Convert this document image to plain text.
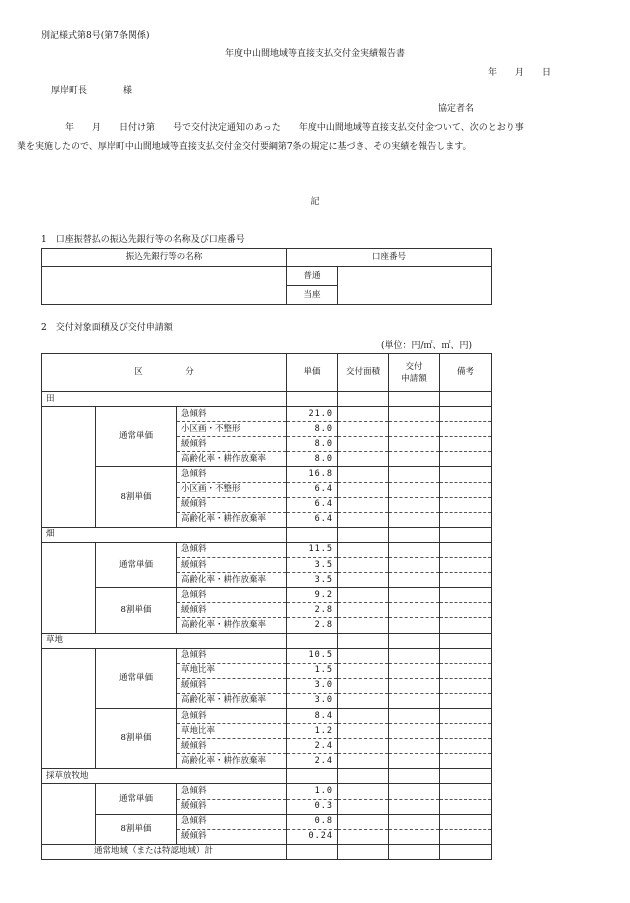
別記様式第8号(第7条関係)
年度中山間地域等直接支払交付金実績報告書
年　　月　　日
厚岸町長　　　　様
協定者名
年　　月　　日付け第　　号で交付決定通知のあった　　年度中山間地域等直接支払交付金ついて、次のとおり事
業を実施したので、厚岸町中山間地域等直接支払交付金交付要綱第7条の規定に基づき、その実績を報告します。
記
1　口座振替払の振込先銀行等の名称及び口座番号
振込先銀行等の名称	口座番号	
	普通	
	当座	
2　交付対象面積及び交付申請額
(単位：円/㎡、㎡、円)
区　　　　　分			単価	交付面積	交付
申請額	備考
田						
	通常単価	急傾斜	21.0			
		小区画・不整形	8.0			
		緩傾斜	8.0			
		高齢化率・耕作放棄率	8.0			
	8割単価	急傾斜	16.8			
		小区画・不整形	6.4			
		緩傾斜	6.4			
		高齢化率・耕作放棄率	6.4			
畑						
	通常単価	急傾斜	11.5			
		緩傾斜	3.5			
		高齢化率・耕作放棄率	3.5			
	8割単価	急傾斜	9.2			
		緩傾斜	2.8			
		高齢化率・耕作放棄率	2.8			
草地						
	通常単価	急傾斜	10.5			
		草地比率	1.5			
		緩傾斜	3.0			
		高齢化率・耕作放棄率	3.0			
	8割単価	急傾斜	8.4			
		草地比率	1.2			
		緩傾斜	2.4			
		高齢化率・耕作放棄率	2.4			
採草放牧地						
	通常単価	急傾斜	1.0			
		緩傾斜	0.3			
	8割単価	急傾斜	0.8			
		緩傾斜	0.24			
通常地域（または特認地域）計						
